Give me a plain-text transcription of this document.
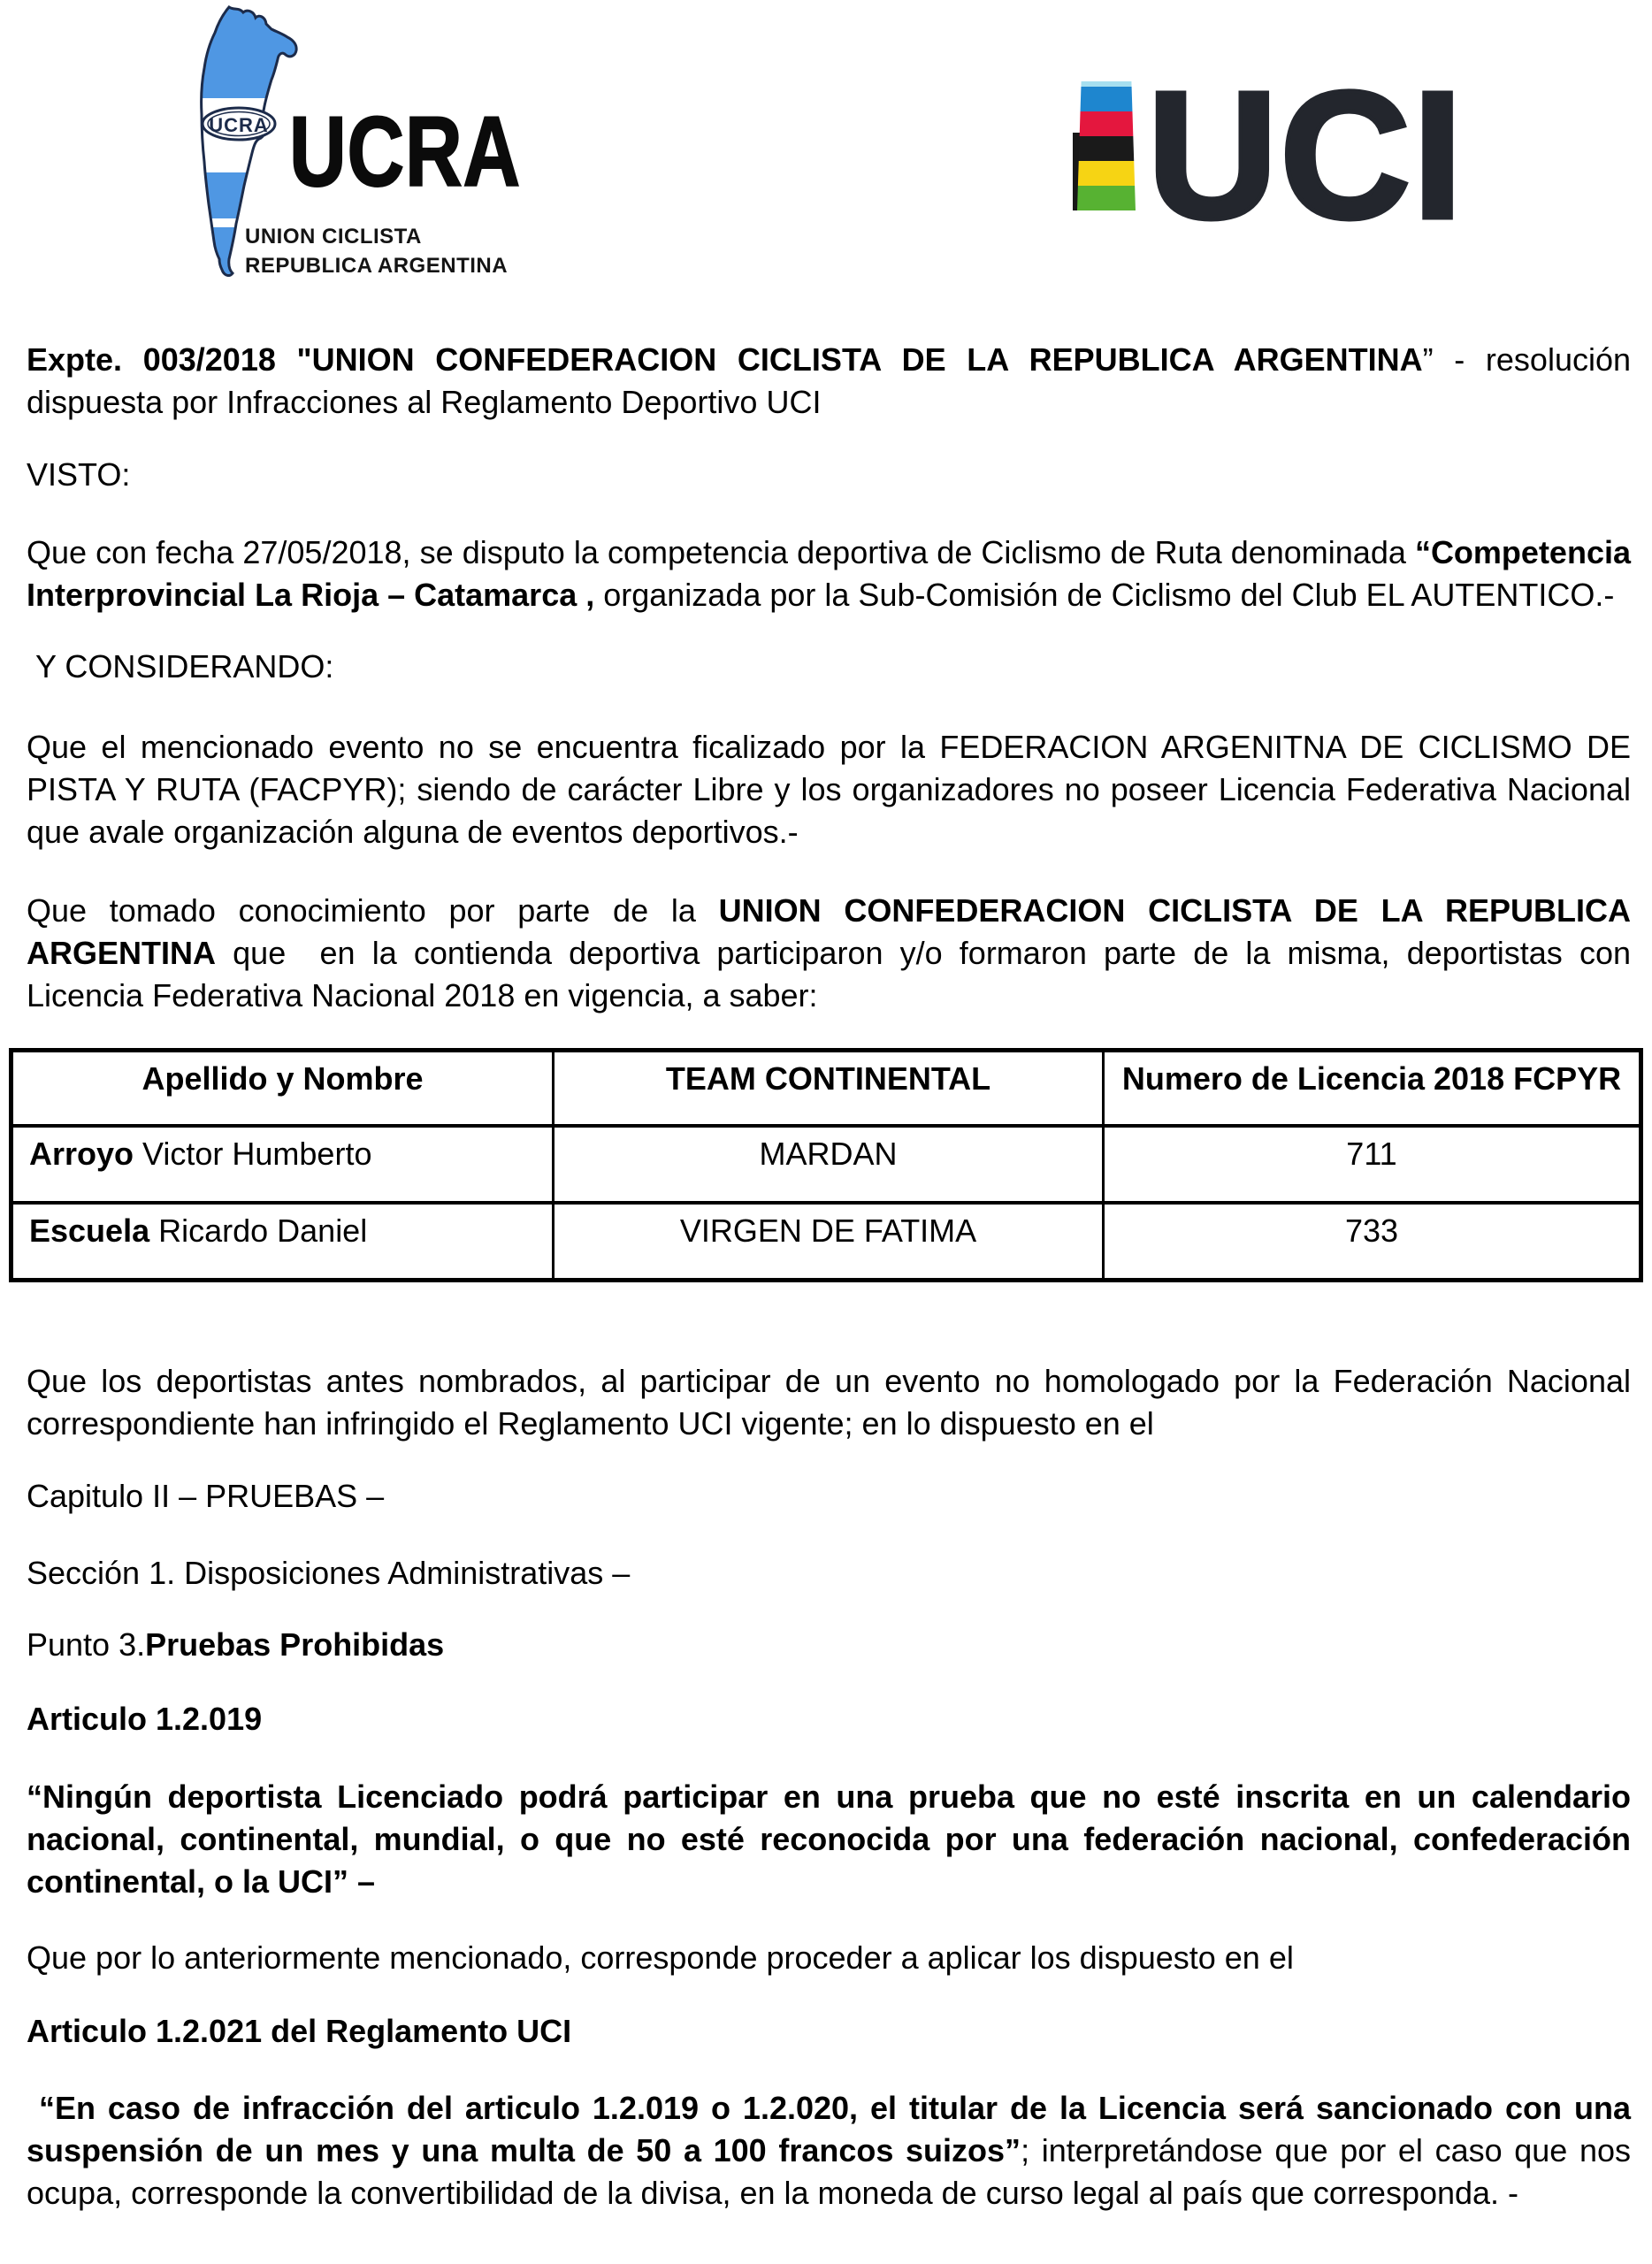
UCRA UCRA
UNION CICLISTA
REPUBLICA ARGENTINA
UCI

Expte. 003/2018 "UNION CONFEDERACION CICLISTA DE LA REPUBLICA ARGENTINA” - resolución dispuesta por Infracciones al Reglamento Deportivo UCI

VISTO:

Que con fecha 27/05/2018, se disputo la competencia deportiva de Ciclismo de Ruta denominada “Competencia Interprovincial La Rioja – Catamarca , organizada por la Sub-Comisión de Ciclismo del Club EL AUTENTICO.-

Y CONSIDERANDO:

Que el mencionado evento no se encuentra ficalizado por la FEDERACION ARGENITNA DE CICLISMO DE PISTA Y RUTA (FACPYR); siendo de carácter Libre y los organizadores no poseer Licencia Federativa Nacional que avale organización alguna de eventos deportivos.-

Que tomado conocimiento por parte de la UNION CONFEDERACION CICLISTA DE LA REPUBLICA ARGENTINA que  en la contienda deportiva participaron y/o formaron parte de la misma, deportistas con Licencia Federativa Nacional 2018 en vigencia, a saber:

Apellido y Nombre	TEAM CONTINENTAL	Numero de Licencia 2018 FCPYR
Arroyo Victor Humberto	MARDAN	711
Escuela Ricardo Daniel	VIRGEN DE FATIMA	733

Que los deportistas antes nombrados, al participar de un evento no homologado por la Federación Nacional correspondiente han infringido el Reglamento UCI vigente; en lo dispuesto en el

Capitulo II – PRUEBAS –

Sección 1. Disposiciones Administrativas –

Punto 3.Pruebas Prohibidas

Articulo 1.2.019

“Ningún deportista Licenciado podrá participar en una prueba que no esté inscrita en un calendario nacional, continental, mundial, o que no esté reconocida por una federación nacional, confederación continental, o la UCI” –

Que por lo anteriormente mencionado, corresponde proceder a aplicar los dispuesto en el

Articulo 1.2.021 del Reglamento UCI

“En caso de infracción del articulo 1.2.019 o 1.2.020, el titular de la Licencia será sancionado con una suspensión de un mes y una multa de 50 a 100 francos suizos”; interpretándose que por el caso que nos ocupa, corresponde la convertibilidad de la divisa, en la moneda de curso legal al país que corresponda. -
